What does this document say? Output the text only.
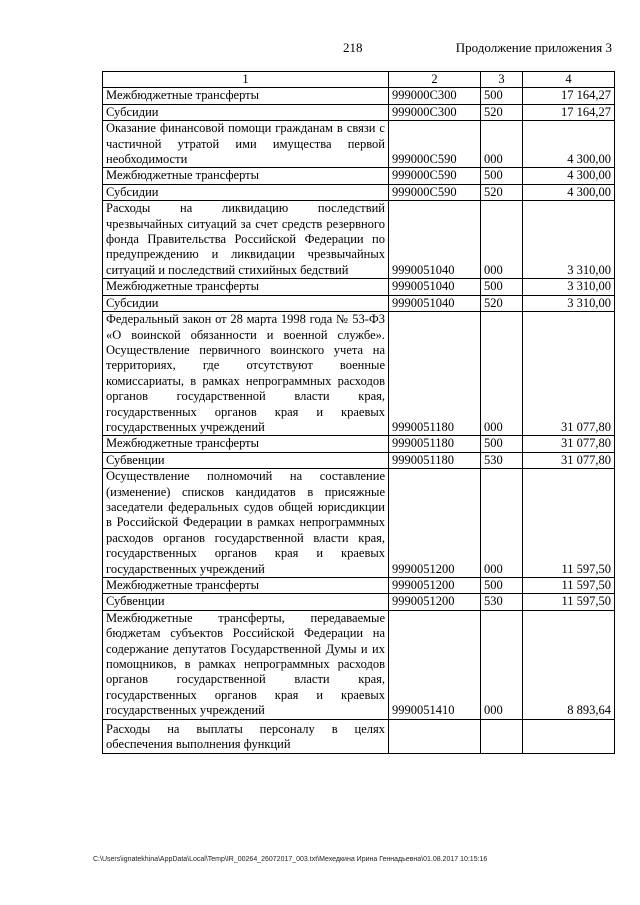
218	Продолжение приложения 3
1	2	3	4
Межбюджетные трансферты	999000С300	500	17 164,27
Субсидии	999000С300	520	17 164,27
Оказание финансовой помощи гражданам в связи с частичной утратой ими имущества первой необходимости	999000С590	000	4 300,00
Межбюджетные трансферты	999000С590	500	4 300,00
Субсидии	999000С590	520	4 300,00
Расходы на ликвидацию последствий чрезвычайных ситуаций за счет средств резервного фонда Правительства Российской Федерации по предупреждению и ликвидации чрезвычайных ситуаций и последствий стихийных бедствий	9990051040	000	3 310,00
Межбюджетные трансферты	9990051040	500	3 310,00
Субсидии	9990051040	520	3 310,00
Федеральный закон от 28 марта 1998 года № 53-ФЗ «О воинской обязанности и военной службе». Осуществление первичного воинского учета на территориях, где отсутствуют военные комиссариаты, в рамках непрограммных расходов органов государственной власти края, государственных органов края и краевых государственных учреждений	9990051180	000	31 077,80
Межбюджетные трансферты	9990051180	500	31 077,80
Субвенции	9990051180	530	31 077,80
Осуществление полномочий на составление (изменение) списков кандидатов в присяжные заседатели федеральных судов общей юрисдикции в Российской Федерации в рамках непрограммных расходов органов государственной власти края, государственных органов края и краевых государственных учреждений	9990051200	000	11 597,50
Межбюджетные трансферты	9990051200	500	11 597,50
Субвенции	9990051200	530	11 597,50
Межбюджетные трансферты, передаваемые бюджетам субъектов Российской Федерации на содержание депутатов Государственной Думы и их помощников, в рамках непрограммных расходов органов государственной власти края, государственных органов края и краевых государственных учреждений	9990051410	000	8 893,64
Расходы на выплаты персоналу в целях обеспечения выполнения функций			
C:\Users\ignatekhina\AppData\Local\Temp\IR_00264_26072017_003.txt\Мехедкина Ирина Геннадьевна\01.08.2017 10:15:16
